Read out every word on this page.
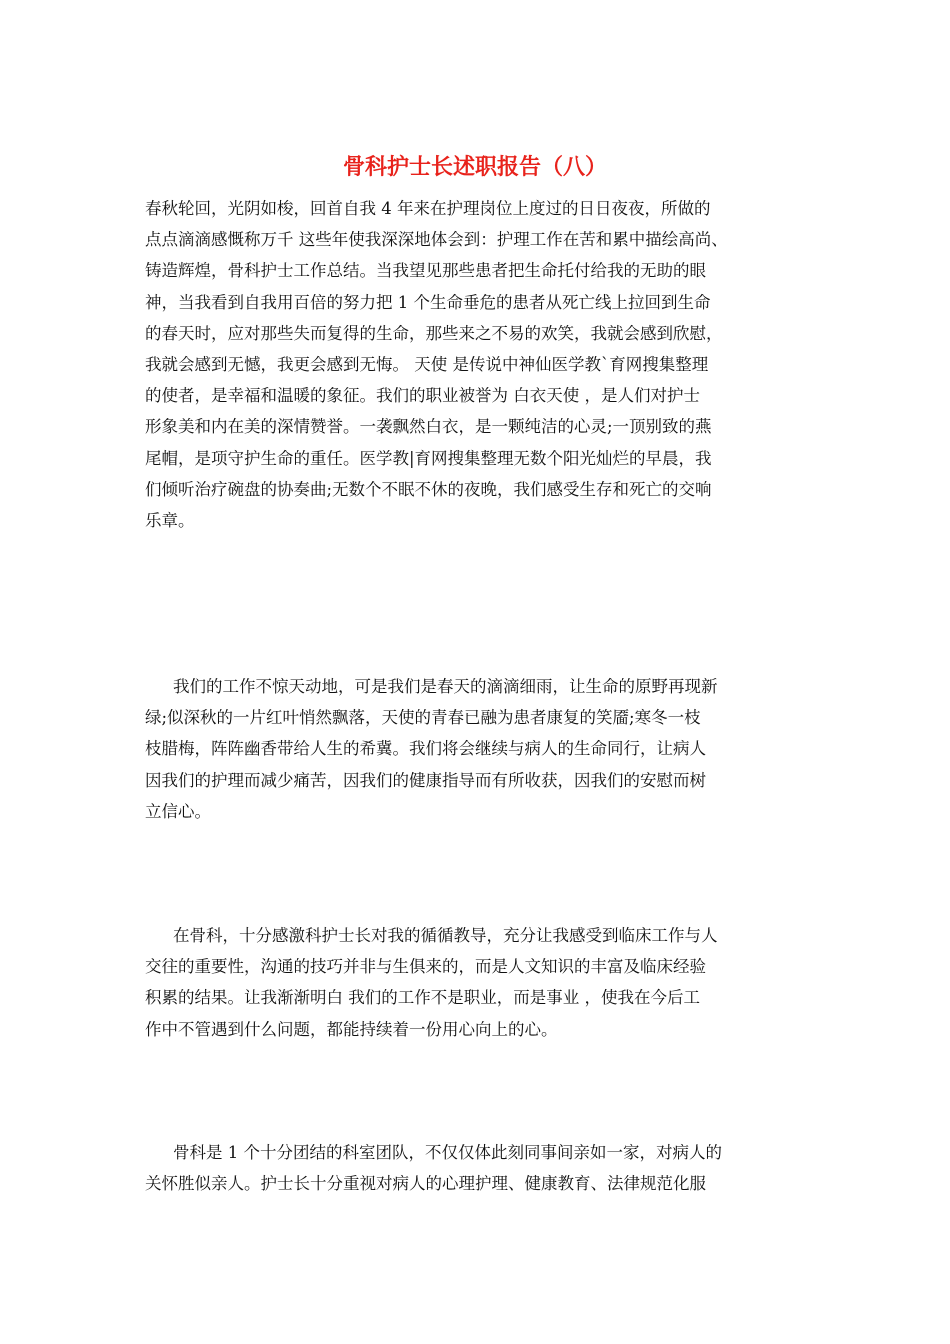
骨科护士长述职报告（八）
春秋轮回，光阴如梭，回首自我 4 年来在护理岗位上度过的日日夜夜，所做的
点点滴滴感慨称万千 这些年使我深深地体会到：护理工作在苦和累中描绘高尚、
铸造辉煌，骨科护士工作总结。当我望见那些患者把生命托付给我的无助的眼
神，当我看到自我用百倍的努力把 1 个生命垂危的患者从死亡线上拉回到生命
的春天时，应对那些失而复得的生命，那些来之不易的欢笑，我就会感到欣慰，
我就会感到无憾，我更会感到无悔。 天使 是传说中神仙医学教`育网搜集整理
的使者，是幸福和温暖的象征。我们的职业被誉为 白衣天使 ，是人们对护士
形象美和内在美的深情赞誉。一袭飘然白衣，是一颗纯洁的心灵;一顶别致的燕
尾帽，是项守护生命的重任。医学教|育网搜集整理无数个阳光灿烂的早晨，我
们倾听治疗碗盘的协奏曲;无数个不眠不休的夜晚，我们感受生存和死亡的交响
乐章。
我们的工作不惊天动地，可是我们是春天的滴滴细雨，让生命的原野再现新
绿;似深秋的一片红叶悄然飘落，天使的青春已融为患者康复的笑靥;寒冬一枝
枝腊梅，阵阵幽香带给人生的希冀。我们将会继续与病人的生命同行，让病人
因我们的护理而减少痛苦，因我们的健康指导而有所收获，因我们的安慰而树
立信心。
在骨科，十分感激科护士长对我的循循教导，充分让我感受到临床工作与人
交往的重要性，沟通的技巧并非与生俱来的，而是人文知识的丰富及临床经验
积累的结果。让我渐渐明白 我们的工作不是职业，而是事业 ，使我在今后工
作中不管遇到什么问题，都能持续着一份用心向上的心。
骨科是 1 个十分团结的科室团队，不仅仅体此刻同事间亲如一家，对病人的
关怀胜似亲人。护士长十分重视对病人的心理护理、健康教育、法律规范化服
